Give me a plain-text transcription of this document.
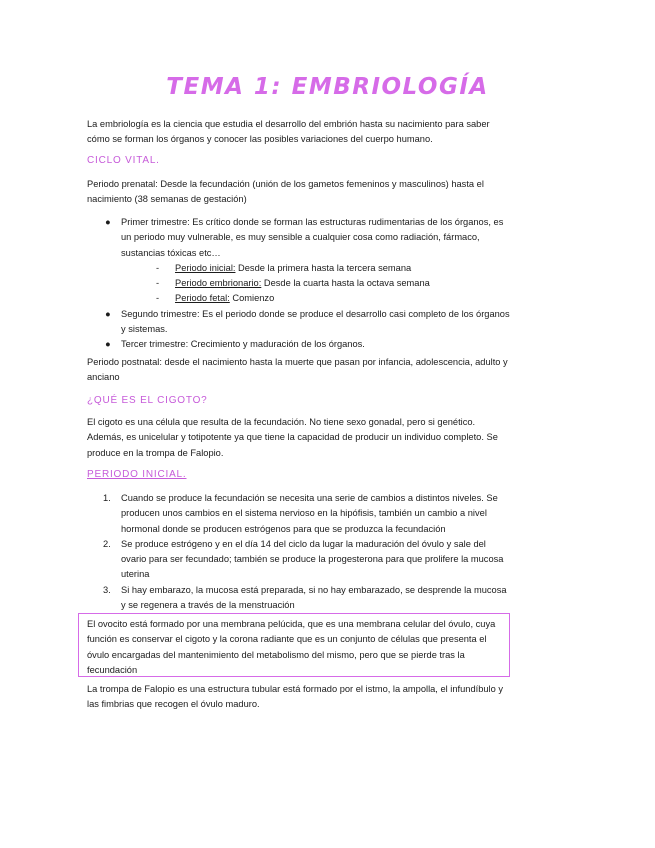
TEMA 1: EMBRIOLOGÍA

La embriología es la ciencia que estudia el desarrollo del embrión hasta su nacimiento para saber cómo se forman los órganos y conocer las posibles variaciones del cuerpo humano.

CICLO VITAL.

Periodo prenatal: Desde la fecundación (unión de los gametos femeninos y masculinos) hasta el nacimiento (38 semanas de gestación)

● Primer trimestre: Es crítico donde se forman las estructuras rudimentarias de los órganos, es un periodo muy vulnerable, es muy sensible a cualquier cosa como radiación, fármaco, sustancias tóxicas etc…
- Periodo inicial: Desde la primera hasta la tercera semana
- Periodo embrionario: Desde la cuarta hasta la octava semana
- Periodo fetal: Comienzo
● Segundo trimestre: Es el periodo donde se produce el desarrollo casi completo de los órganos y sistemas.
● Tercer trimestre: Crecimiento y maduración de los órganos.

Periodo postnatal: desde el nacimiento hasta la muerte que pasan por infancia, adolescencia, adulto y anciano

¿QUÉ ES EL CIGOTO?

El cigoto es una célula que resulta de la fecundación. No tiene sexo gonadal, pero si genético. Además, es unicelular y totipotente ya que tiene la capacidad de producir un individuo completo. Se produce en la trompa de Falopio.

PERIODO INICIAL.
1. Cuando se produce la fecundación se necesita una serie de cambios a distintos niveles. Se producen unos cambios en el sistema nervioso en la hipófisis, también un cambio a nivel hormonal donde se producen estrógenos para que se produzca la fecundación
2. Se produce estrógeno y en el día 14 del ciclo da lugar la maduración del óvulo y sale del ovario para ser fecundado; también se produce la progesterona para que prolifere la mucosa uterina
3. Si hay embarazo, la mucosa está preparada, si no hay embarazado, se desprende la mucosa y se regenera a través de la menstruación

El ovocito está formado por una membrana pelúcida, que es una membrana celular del óvulo, cuya función es conservar el cigoto y la corona radiante que es un conjunto de células que presenta el óvulo encargadas del mantenimiento del metabolismo del mismo, pero que se pierde tras la fecundación

La trompa de Falopio es una estructura tubular está formado por el istmo, la ampolla, el infundíbulo y las fimbrias que recogen el óvulo maduro.
